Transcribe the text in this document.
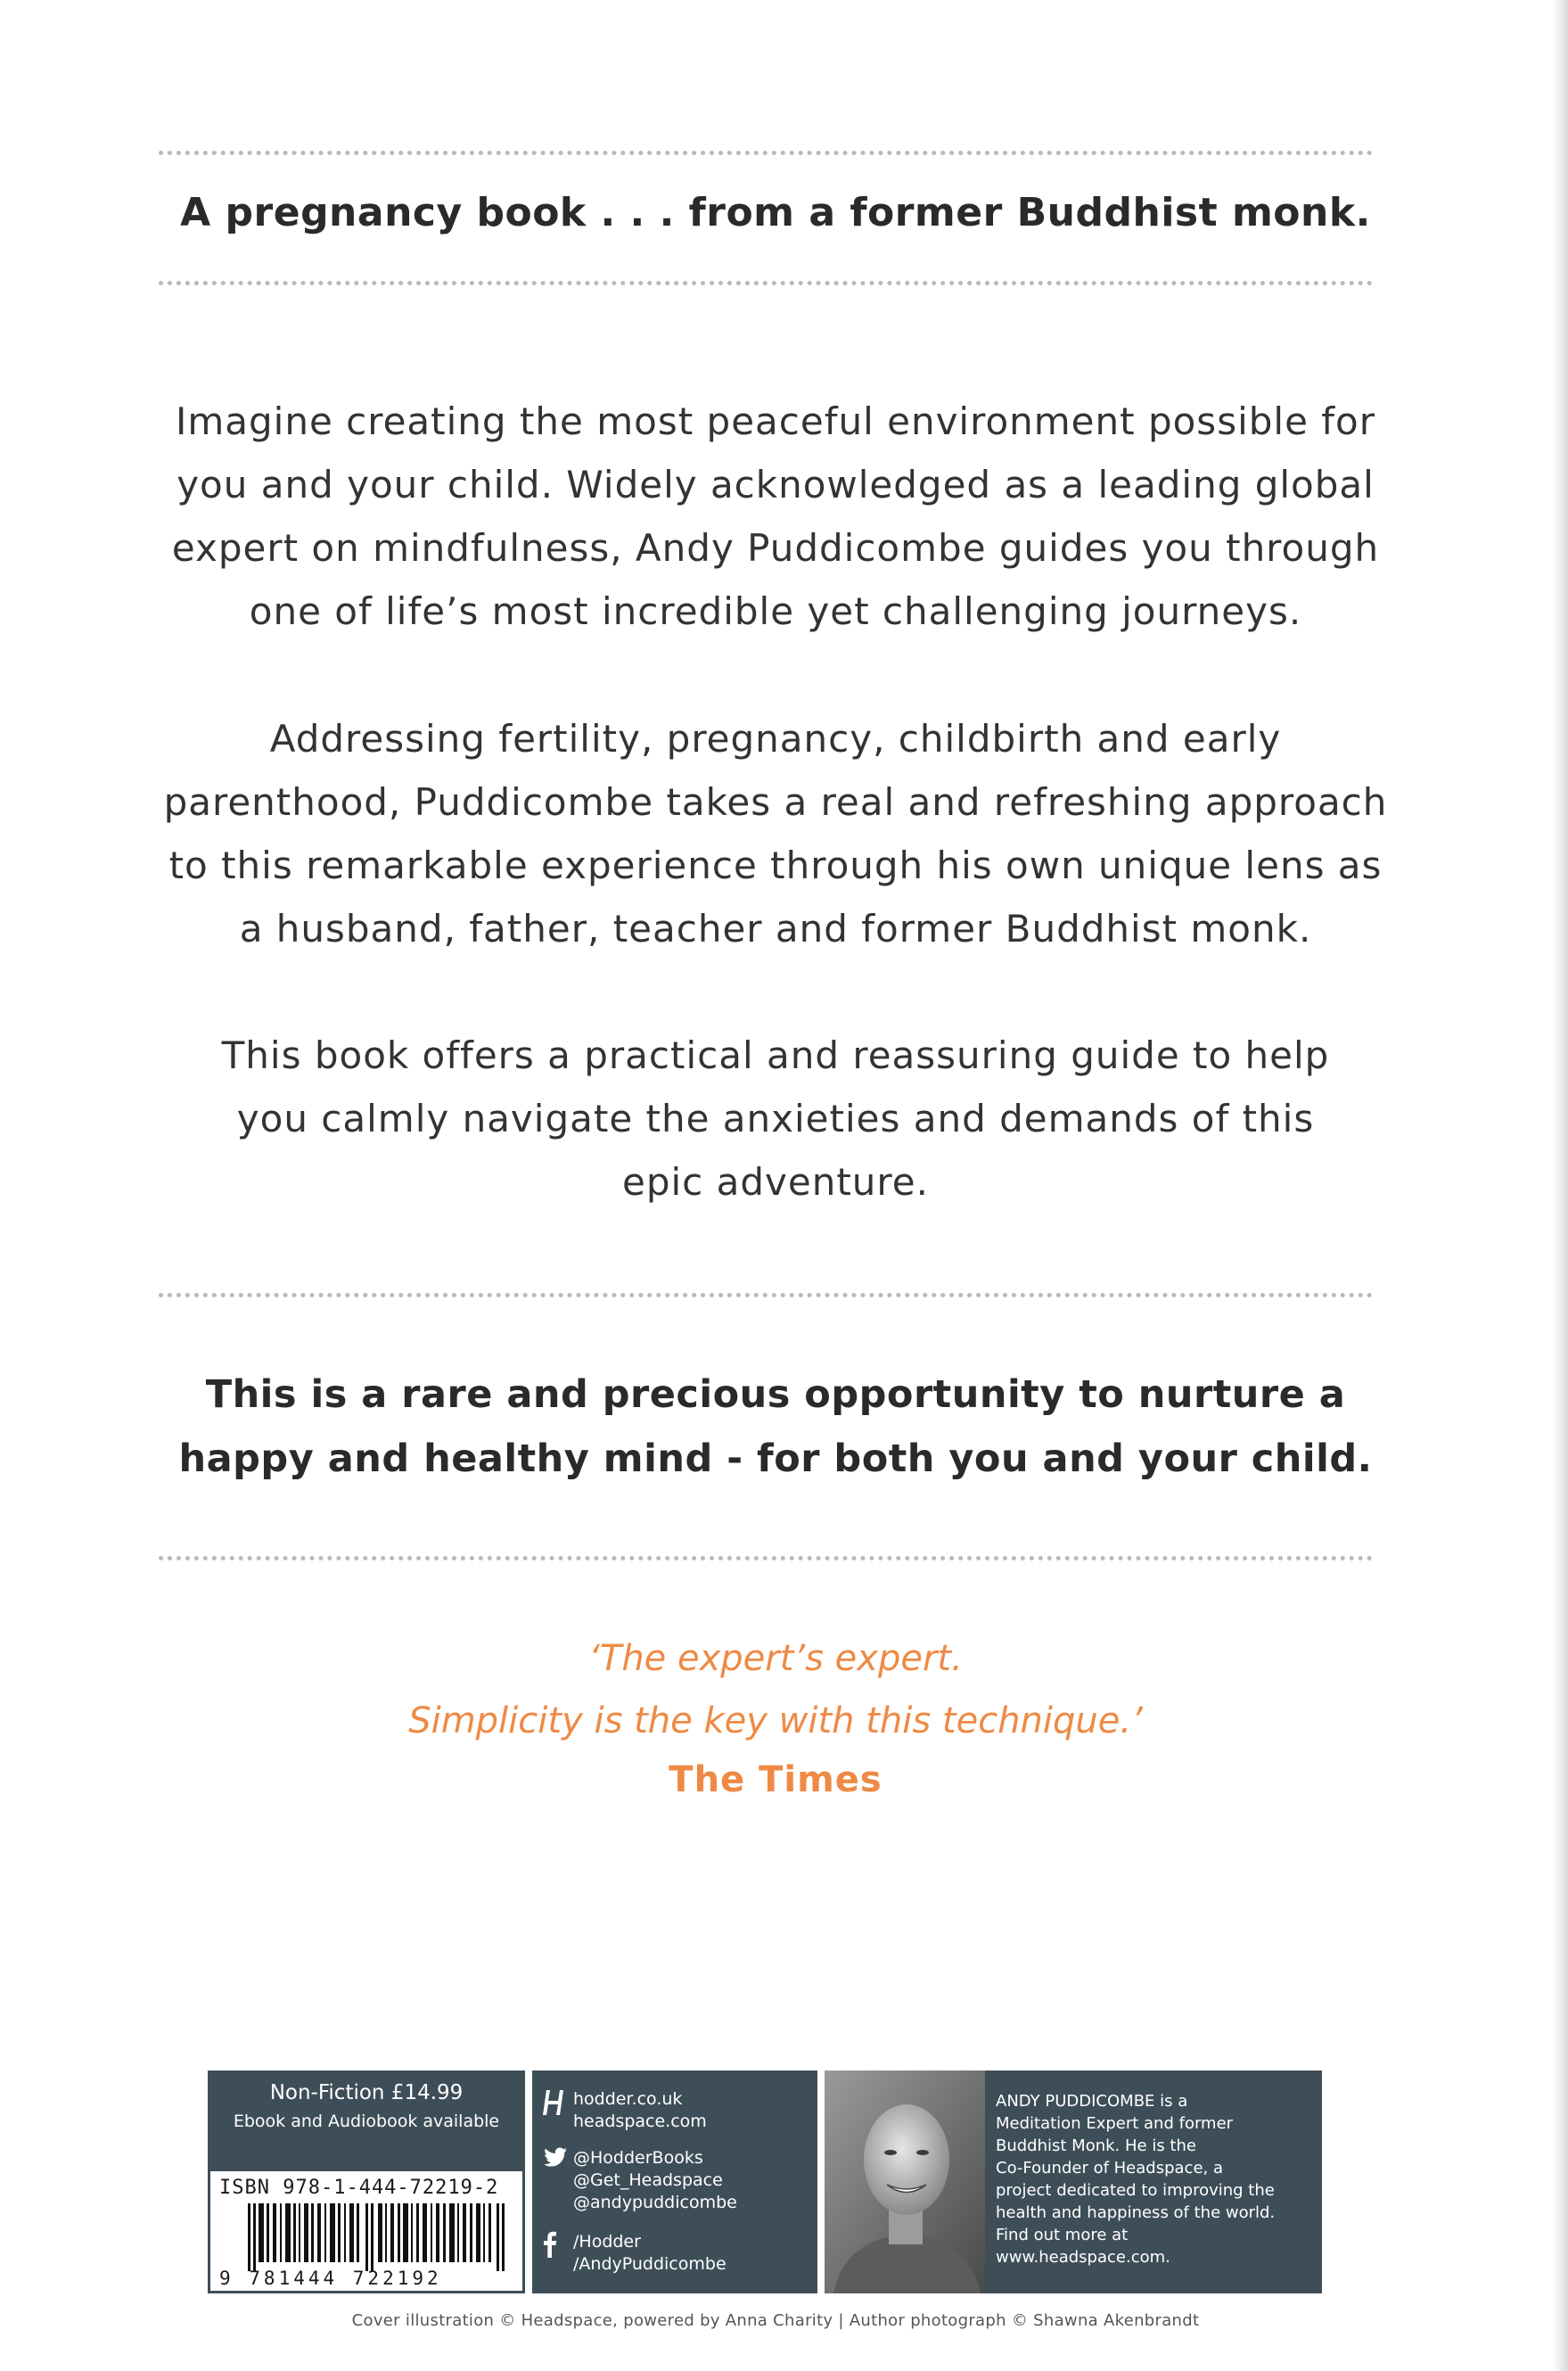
A pregnancy book . . . from a former Buddhist monk.
Imagine creating the most peaceful environment possible for
you and your child. Widely acknowledged as a leading global
expert on mindfulness, Andy Puddicombe guides you through
one of life’s most incredible yet challenging journeys.
Addressing fertility, pregnancy, childbirth and early
parenthood, Puddicombe takes a real and refreshing approach
to this remarkable experience through his own unique lens as
a husband, father, teacher and former Buddhist monk.
This book offers a practical and reassuring guide to help
you calmly navigate the anxieties and demands of this
epic adventure.
This is a rare and precious opportunity to nurture a
happy and healthy mind - for both you and your child.
‘The expert’s expert.
Simplicity is the key with this technique.’
The Times
Non-Fiction £14.99
Ebook and Audiobook available
ISBN 978-1-444-72219-2
9 781444 722192
hodder.co.uk
headspace.com
@HodderBooks
@Get_Headspace
@andypuddicombe
/Hodder
/AndyPuddicombe
ANDY PUDDICOMBE is a
Meditation Expert and former
Buddhist Monk. He is the
Co-Founder of Headspace, a
project dedicated to improving the
health and happiness of the world.
Find out more at
www.headspace.com.
Cover illustration © Headspace, powered by Anna Charity | Author photograph © Shawna Akenbrandt
